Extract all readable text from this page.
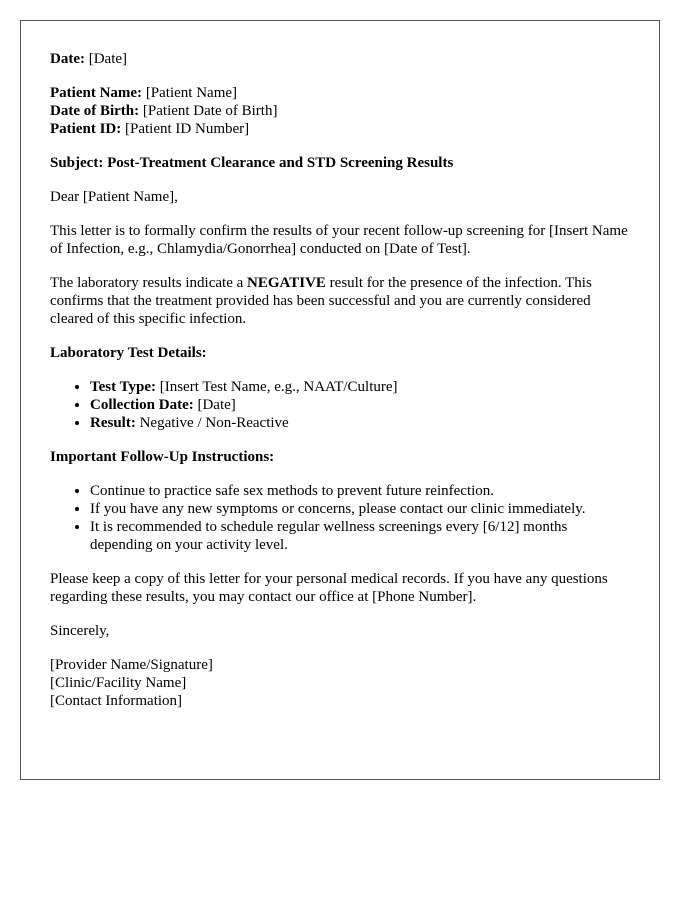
Date: [Date]

Patient Name: [Patient Name]
Date of Birth: [Patient Date of Birth]
Patient ID: [Patient ID Number]

Subject: Post-Treatment Clearance and STD Screening Results

Dear [Patient Name],

This letter is to formally confirm the results of your recent follow-up screening for [Insert Name of Infection, e.g., Chlamydia/Gonorrhea] conducted on [Date of Test].

The laboratory results indicate a NEGATIVE result for the presence of the infection. This confirms that the treatment provided has been successful and you are currently considered cleared of this specific infection.

Laboratory Test Details:

• Test Type: [Insert Test Name, e.g., NAAT/Culture]
• Collection Date: [Date]
• Result: Negative / Non-Reactive

Important Follow-Up Instructions:

• Continue to practice safe sex methods to prevent future reinfection.
• If you have any new symptoms or concerns, please contact our clinic immediately.
• It is recommended to schedule regular wellness screenings every [6/12] months depending on your activity level.

Please keep a copy of this letter for your personal medical records. If you have any questions regarding these results, you may contact our office at [Phone Number].

Sincerely,

[Provider Name/Signature]
[Clinic/Facility Name]
[Contact Information]
